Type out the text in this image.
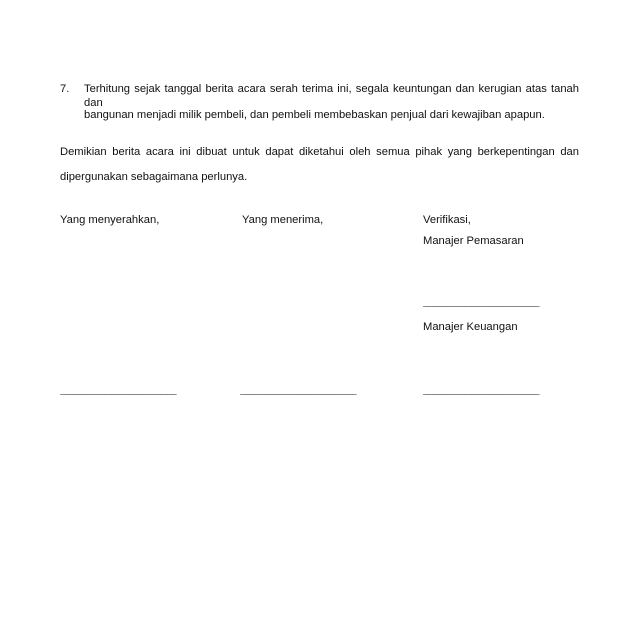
7. Terhitung sejak tanggal berita acara serah terima ini, segala keuntungan dan kerugian atas tanah dan
bangunan menjadi milik pembeli, dan pembeli membebaskan penjual dari kewajiban apapun.
Demikian berita acara ini dibuat untuk dapat diketahui oleh semua pihak yang berkepentingan dan
dipergunakan sebagaimana perlunya.
Yang menyerahkan,	Yang menerima,	Verifikasi,
Manajer Pemasaran
_______________________________________
Manajer Keuangan
_______________________________________	_______________________________________	_______________________________________
